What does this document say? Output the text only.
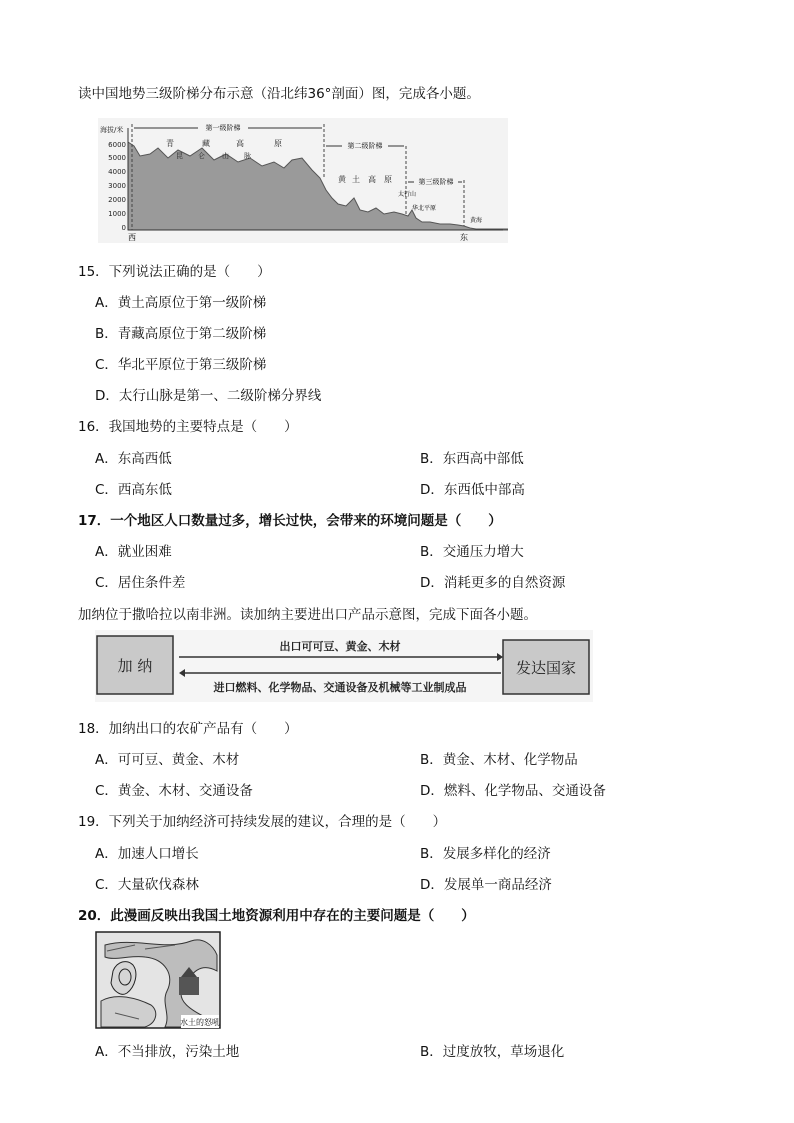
读中国地势三级阶梯分布示意（沿北纬36°剖面）图，完成各小题。
海拔/米
6000
5000
4000
3000
2000
1000
0
第一级阶梯
第二级阶梯
第三级阶梯
青	藏	高	原
昆 仑 山 脉
黄 土 高 原
太行山
华北平原
黄海
西	东
15．下列说法正确的是（　　）
A．黄土高原位于第一级阶梯
B．青藏高原位于第二级阶梯
C．华北平原位于第三级阶梯
D．太行山脉是第一、二级阶梯分界线
16．我国地势的主要特点是（　　）
A．东高西低	B．东西高中部低
C．西高东低	D．东西低中部高
17．一个地区人口数量过多，增长过快，会带来的环境问题是（　　）
A．就业困难	B．交通压力增大
C．居住条件差	D．消耗更多的自然资源
加纳位于撒哈拉以南非洲。读加纳主要进出口产品示意图，完成下面各小题。
加 纳	发达国家
出口可可豆、黄金、木材
进口燃料、化学物品、交通设备及机械等工业制成品
18．加纳出口的农矿产品有（　　）
A．可可豆、黄金、木材	B．黄金、木材、化学物品
C．黄金、木材、交通设备	D．燃料、化学物品、交通设备
19．下列关于加纳经济可持续发展的建议，合理的是（　　）
A．加速人口增长	B．发展多样化的经济
C．大量砍伐森林	D．发展单一商品经济
20．此漫画反映出我国土地资源利用中存在的主要问题是（　　）
水土的怒吼
A．不当排放，污染土地	B．过度放牧，草场退化
